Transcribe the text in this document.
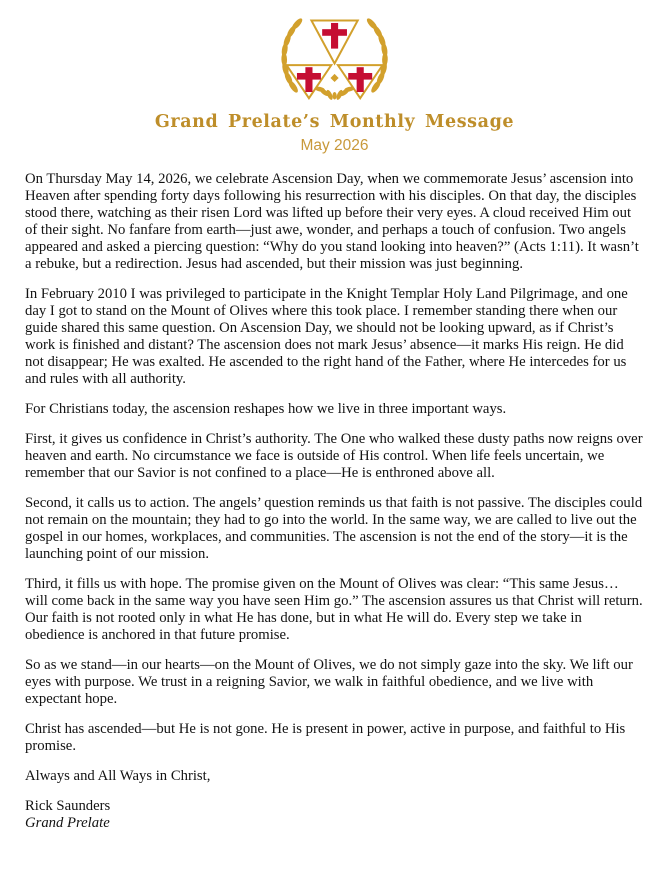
Grand Prelate’s Monthly Message
May 2026

On Thursday May 14, 2026, we celebrate Ascension Day, when we commemorate Jesus’ ascension into Heaven after spending forty days following his resurrection with his disciples. On that day, the disciples stood there, watching as their risen Lord was lifted up before their very eyes. A cloud received Him out of their sight. No fanfare from earth—just awe, wonder, and perhaps a touch of confusion. Two angels appeared and asked a piercing question: “Why do you stand looking into heaven?” (Acts 1:11). It wasn’t a rebuke, but a redirection. Jesus had ascended, but their mission was just beginning.

In February 2010 I was privileged to participate in the Knight Templar Holy Land Pilgrimage, and one day I got to stand on the Mount of Olives where this took place. I remember standing there when our guide shared this same question. On Ascension Day, we should not be looking upward, as if Christ’s work is finished and distant? The ascension does not mark Jesus’ absence—it marks His reign. He did not disappear; He was exalted. He ascended to the right hand of the Father, where He intercedes for us and rules with all authority.

For Christians today, the ascension reshapes how we live in three important ways.

First, it gives us confidence in Christ’s authority. The One who walked these dusty paths now reigns over heaven and earth. No circumstance we face is outside of His control. When life feels uncertain, we remember that our Savior is not confined to a place—He is enthroned above all.

Second, it calls us to action. The angels’ question reminds us that faith is not passive. The disciples could not remain on the mountain; they had to go into the world. In the same way, we are called to live out the gospel in our homes, workplaces, and communities. The ascension is not the end of the story—it is the launching point of our mission.

Third, it fills us with hope. The promise given on the Mount of Olives was clear: “This same Jesus… will come back in the same way you have seen Him go.” The ascension assures us that Christ will return. Our faith is not rooted only in what He has done, but in what He will do. Every step we take in obedience is anchored in that future promise.

So as we stand—in our hearts—on the Mount of Olives, we do not simply gaze into the sky. We lift our eyes with purpose. We trust in a reigning Savior, we walk in faithful obedience, and we live with expectant hope.

Christ has ascended—but He is not gone. He is present in power, active in purpose, and faithful to His promise.

Always and All Ways in Christ,

Rick Saunders
Grand Prelate
